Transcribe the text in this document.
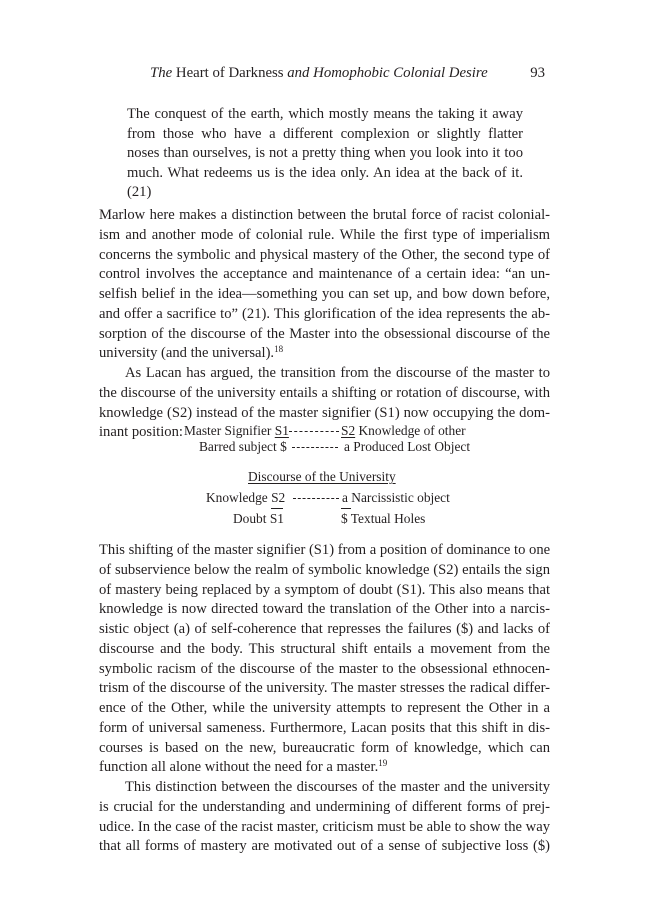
The Heart of Darkness and Homophobic Colonial Desire	93
The conquest of the earth, which mostly means the taking it away
from those who have a different complexion or slightly flatter
noses than ourselves, is not a pretty thing when you look into it too
much. What redeems us is the idea only. An idea at the back of it.
(21)
Marlow here makes a distinction between the brutal force of racist colonial-
ism and another mode of colonial rule. While the first type of imperialism
concerns the symbolic and physical mastery of the Other, the second type of
control involves the acceptance and maintenance of a certain idea: “an un-
selfish belief in the idea—something you can set up, and bow down before,
and offer a sacrifice to” (21). This glorification of the idea represents the ab-
sorption of the discourse of the Master into the obsessional discourse of the
university (and the universal).$^{18}$
As Lacan has argued, the transition from the discourse of the master to
the discourse of the university entails a shifting or rotation of discourse, with
knowledge (S2) instead of the master signifier (S1) now occupying the dom-
inant position: Master Signifier S1	S2 Knowledge of other
Barred subject $	a Produced Lost Object
Discourse of the University
Knowledge S2	a Narcissistic object
Doubt S1	$ Textual Holes
This shifting of the master signifier (S1) from a position of dominance to one
of subservience below the realm of symbolic knowledge (S2) entails the sign
of mastery being replaced by a symptom of doubt (S1). This also means that
knowledge is now directed toward the translation of the Other into a narcis-
sistic object (a) of self-coherence that represses the failures ($) and lacks of
discourse and the body. This structural shift entails a movement from the
symbolic racism of the discourse of the master to the obsessional ethnocen-
trism of the discourse of the university. The master stresses the radical differ-
ence of the Other, while the university attempts to represent the Other in a
form of universal sameness. Furthermore, Lacan posits that this shift in dis-
courses is based on the new, bureaucratic form of knowledge, which can
function all alone without the need for a master.$^{19}$
This distinction between the discourses of the master and the university
is crucial for the understanding and undermining of different forms of prej-
udice. In the case of the racist master, criticism must be able to show the way
that all forms of mastery are motivated out of a sense of subjective loss ($)
